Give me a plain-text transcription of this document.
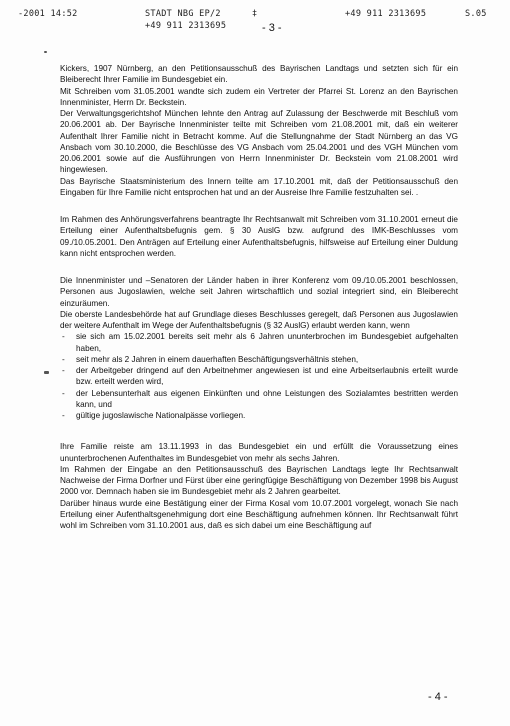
-2001 14:52	STADT NBG EP/2	‡	+49 911 2313695	S.05
+49 911 2313695	- 3 -

Kickers, 1907 Nürnberg, an den Petitionsausschuß des Bayrischen Landtags und setzten sich für ein Bleiberecht Ihrer Familie im Bundesgebiet ein.

Mit Schreiben vom 31.05.2001 wandte sich zudem ein Vertreter der Pfarrei St. Lorenz an den Bayrischen Innenminister, Herrn Dr. Beckstein.

Der Verwaltungsgerichtshof München lehnte den Antrag auf Zulassung der Beschwerde mit Beschluß vom 20.06.2001 ab. Der Bayrische Innenminister teilte mit Schreiben vom 21.08.2001 mit, daß ein weiterer Aufenthalt Ihrer Familie nicht in Betracht komme. Auf die Stellungnahme der Stadt Nürnberg an das VG Ansbach vom 30.10.2000, die Beschlüsse des VG Ansbach vom 25.04.2001 und des VGH München vom 20.06.2001 sowie auf die Ausführungen von Herrn Innenminister Dr. Beckstein vom 21.08.2001 wird hingewiesen.

Das Bayrische Staatsministerium des Innern teilte am 17.10.2001 mit, daß der Petitionsausschuß den Eingaben für Ihre Familie nicht entsprochen hat und an der Ausreise Ihre Familie festzuhalten sei. .

Im Rahmen des Anhörungsverfahrens beantragte Ihr Rechtsanwalt mit Schreiben vom 31.10.2001 erneut die Erteilung einer Aufenthaltsbefugnis gem. § 30 AuslG bzw. aufgrund des IMK-Beschlusses vom 09./10.05.2001. Den Anträgen auf Erteilung einer Aufenthaltsbefugnis, hilfsweise auf Erteilung einer Duldung kann nicht entsprochen werden.

Die Innenminister und –Senatoren der Länder haben in ihrer Konferenz vom 09./10.05.2001 beschlossen, Personen aus Jugoslawien, welche seit Jahren wirtschaftlich und sozial integriert sind, ein Bleiberecht einzuräumen.

Die oberste Landesbehörde hat auf Grundlage dieses Beschlusses geregelt, daß Personen aus Jugoslawien der weitere Aufenthalt im Wege der Aufenthaltsbefugnis (§ 32 AuslG) erlaubt werden kann, wenn

- sie sich am 15.02.2001 bereits seit mehr als 6 Jahren ununterbrochen im Bundesgebiet aufgehalten haben,
- seit mehr als 2 Jahren in einem dauerhaften Beschäftigungsverhältnis stehen,
- der Arbeitgeber dringend auf den Arbeitnehmer angewiesen ist und eine Arbeitserlaubnis erteilt wurde bzw. erteilt werden wird,
- der Lebensunterhalt aus eigenen Einkünften und ohne Leistungen des Sozialamtes bestritten werden kann, und
- gültige jugoslawische Nationalpässe vorliegen.

Ihre Familie reiste am 13.11.1993 in das Bundesgebiet ein und erfüllt die Voraussetzung eines ununterbrochenen Aufenthaltes im Bundesgebiet von mehr als sechs Jahren.

Im Rahmen der Eingabe an den Petitionsausschuß des Bayrischen Landtags legte Ihr Rechtsanwalt Nachweise der Firma Dorfner und Fürst über eine geringfügige Beschäftigung von Dezember 1998 bis August 2000 vor. Demnach haben sie im Bundesgebiet mehr als 2 Jahren gearbeitet.

Darüber hinaus wurde eine Bestätigung einer der Firma Kosal vom 10.07.2001 vorgelegt, wonach Sie nach Erteilung einer Aufenthaltsgenehmigung dort eine Beschäftigung aufnehmen können. Ihr Rechtsanwalt führt wohl im Schreiben vom 31.10.2001 aus, daß es sich dabei um eine Beschäftigung auf

- 4 -
